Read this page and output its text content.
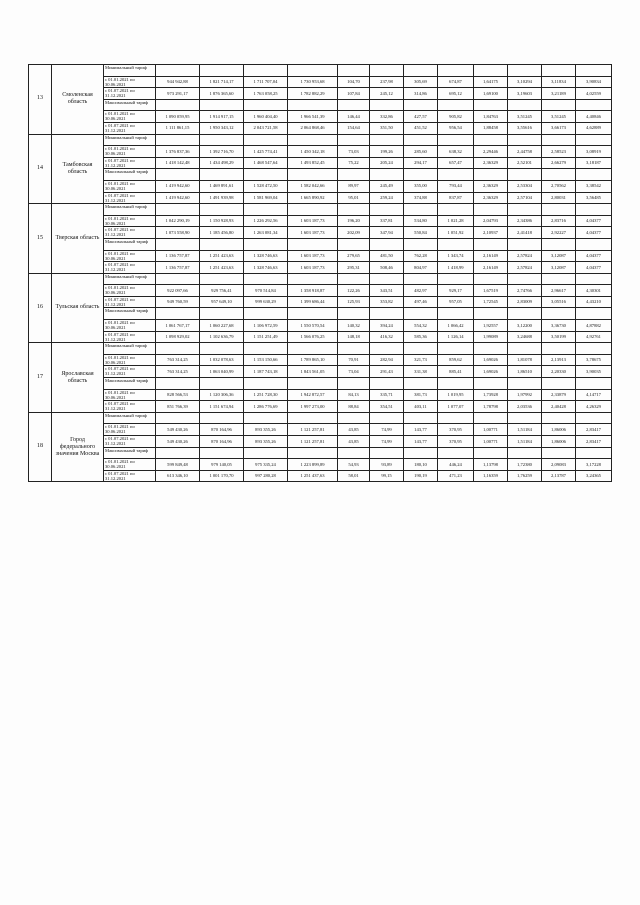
13	Смоленская область	Минимальный тариф												
		с 01.01.2021 по 30.06.2021	944 942,88	1 821 714,17	1 711 707,04	1 730 953,68	104,70	237,98	305,69	674,87	1,64175	3,10294	3,11834	3,90834
		с 01.07.2021 по 31.12.2021	973 291,17	1 876 365,60	1 763 058,25	1 782 882,29	107,84	245,12	314,86	695,12	1,69100	3,19603	3,21189	4,02559
		Максимальный тариф												
		с 01.01.2021 по 30.06.2021	1 090 059,95	1 914 917,15	1 960 404,40	1 966 541,39	146,44	332,86	427,57	905,82	1,84763	3,51245	3,51245	4,40846
		с 01.07.2021 по 31.12.2021	1 111 861,15	1 950 343,12	2 043 721,58	2 064 868,46	154,64	351,50	451,52	956,54	1,88458	3,55616	3,66173	4,62889
14	Тамбовская область	Минимальный тариф												
		с 01.01.2021 по 30.06.2021	1 376 837,36	1 392 716,70	1 425 774,41	1 450 342,18	73,03	199,26	285,60	638,32	2,29446	2,44758	2,58523	3,08919
		с 01.07.2021 по 31.12.2021	1 418 142,48	1 434 498,29	1 468 547,64	1 493 852,45	75,22	205,24	294,17	657,47	2,36329	2,52101	2,66279	3,18187
		Максимальный тариф												
		с 01.01.2021 по 30.06.2021	1 419 942,60	1 469 891,61	1 528 472,50	1 582 042,66	89,97	245,49	355,00	793,44	2,36329	2,53304	2,70562	3,38542
		с 01.07.2021 по 31.12.2021	1 419 942,60	1 491 939,98	1 581 969,04	1 665 890,92	95,01	259,24	374,88	837,87	2,36329	2,57104	2,80031	3,56485
15	Тверская область	Минимальный тариф												
		с 01.01.2021 по 30.06.2021	1 042 290,19	1 150 928,93	1 226 292,56	1 603 187,73	196,20	337,81	534,80	1 021,28	2,04793	2,34386	2,83716	4,04377
		с 01.07.2021 по 31.12.2021	1 073 558,90	1 185 456,80	1 263 081,34	1 603 187,73	202,09	347,94	550,84	1 051,92	2,10937	2,41418	2,92227	4,04377
		Максимальный тариф												
		с 01.01.2021 по 30.06.2021	1 136 757,87	1 251 423,63	1 328 746,63	1 603 187,73	279,65	481,50	762,28	1 343,74	2,16149	2,57824	3,12087	4,04377
		с 01.07.2021 по 31.12.2021	1 136 757,87	1 251 423,63	1 328 746,63	1 603 187,73	295,31	508,46	804,97	1 418,99	2,16149	2,57824	3,12087	4,04377
16	Тульская область	Минимальный тариф												
		с 01.01.2021 по 30.06.2021	922 097,66	929 756,41	970 514,84	1 358 918,87	122,26	343,51	482,97	929,17	1,67519	2,74766	2,96617	4,30301
		с 01.07.2021 по 31.12.2021	949 760,59	957 649,10	999 630,29	1 399 686,44	125,93	353,82	497,46	957,05	1,72545	2,83009	3,05516	4,43210
		Максимальный тариф												
		с 01.01.2021 по 30.06.2021	1 061 767,17	1 060 227,68	1 106 972,59	1 550 570,54	140,32	394,24	554,32	1 066,42	1,92557	3,12200	3,36730	4,87882
		с 01.07.2021 по 31.12.2021	1 098 929,02	1 102 636,79	1 151 251,49	1 566 076,25	148,18	416,32	585,36	1 126,14	1,99089	3,24688	3,50199	4,92761
17	Ярославская область	Минимальный тариф												
		с 01.01.2021 по 30.06.2021	763 314,25	1 032 078,63	1 153 150,66	1 789 865,10	70,91	282,94	321,73	859,62	1,69026	1,81078	2,13913	3,78675
		с 01.07.2021 по 31.12.2021	763 314,25	1 063 040,99	1 187 743,18	1 843 561,05	73,04	291,43	331,38	885,41	1,69026	1,86510	2,20330	3,90035
		Максимальный тариф												
		с 01.01.2021 по 30.06.2021	828 566,53	1 120 306,36	1 251 728,30	1 942 872,57	84,13	335,71	381,73	1 019,95	1,73928	1,97992	2,33879	4,14717
		с 01.07.2021 по 31.12.2021	851 766,39	1 151 674,94	1 286 776,69	1 997 273,00	88,84	354,51	403,11	1 077,07	1,78798	2,03536	2,40428	4,26329
18	Город федерального значения Москва	Минимальный тариф												
		с 01.01.2021 по 30.06.2021	549 430,26	870 164,96	893 355,26	1 121 257,81	43,85	74,99	143,77	370,95	1,00771	1,51184	1,86006	2,83417
		с 01.07.2021 по 31.12.2021	549 430,26	870 164,96	893 355,26	1 121 257,81	43,85	74,99	143,77	370,95	1,00771	1,51184	1,86006	2,83417
		Максимальный тариф												
		с 01.01.2021 по 30.06.2021	599 849,48	979 140,05	975 335,24	1 223 899,89	54,93	93,89	180,10	446,24	1,13798	1,72380	2,09083	3,17228
		с 01.07.2021 по 31.12.2021	613 346,10	1 001 170,70	997 280,28	1 251 437,63	58,01	99,15	190,19	471,23	1,16359	1,76259	2,13787	3,24365
